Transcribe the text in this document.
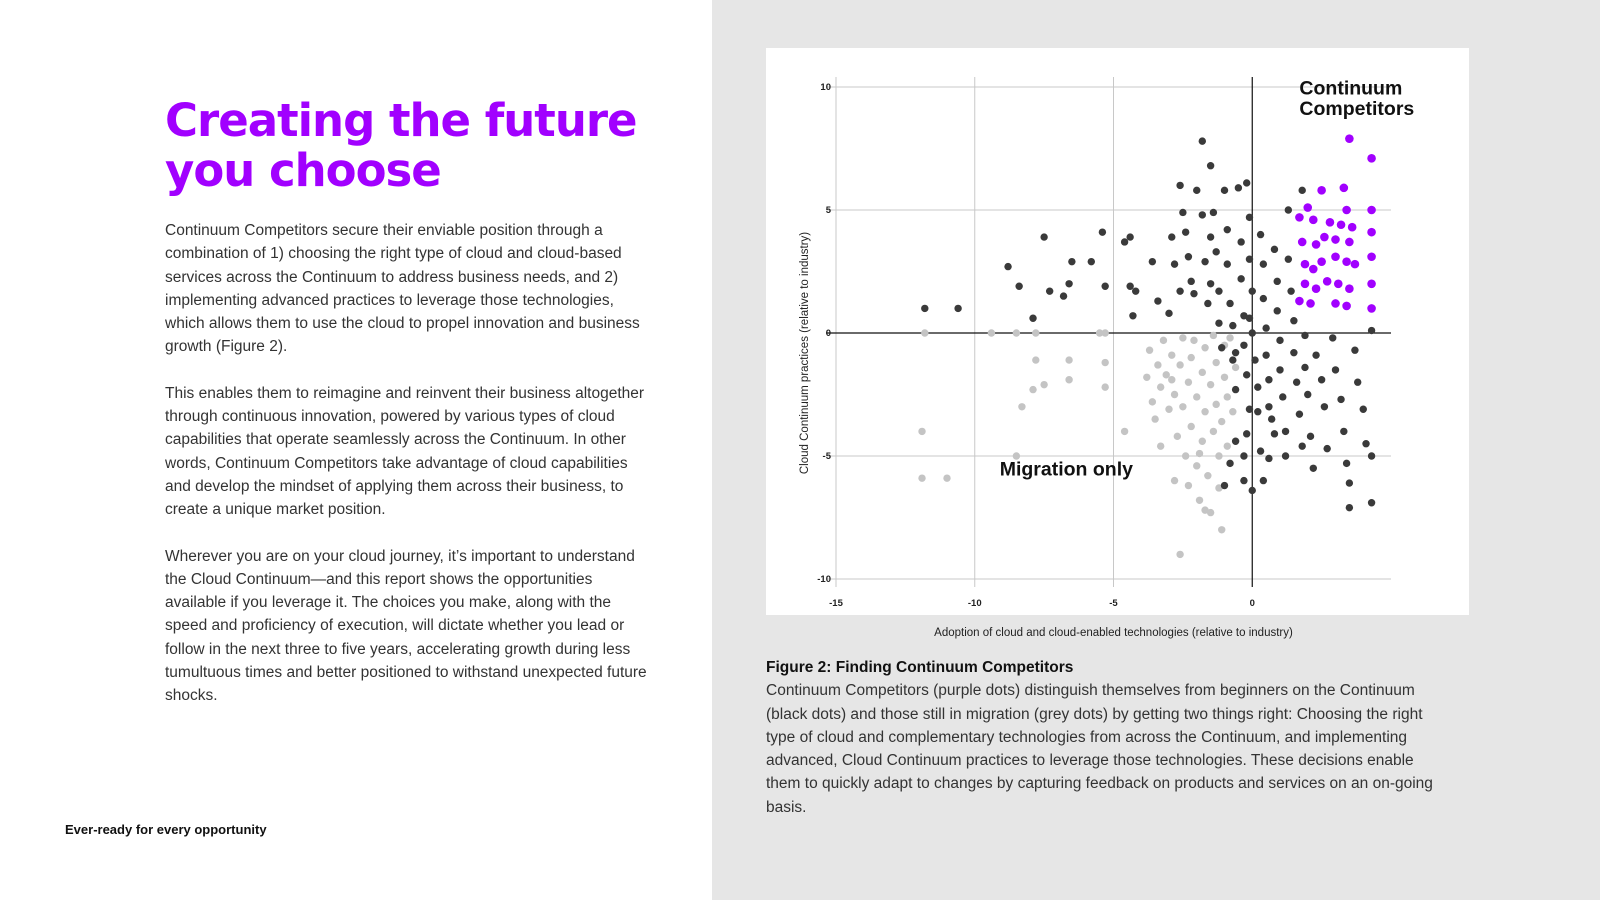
Creating the future you choose

Continuum Competitors secure their enviable position through a combination of 1) choosing the right type of cloud and cloud-based services across the Continuum to address business needs, and 2) implementing advanced practices to leverage those technologies, which allows them to use the cloud to propel innovation and business growth (Figure 2).

This enables them to reimagine and reinvent their business altogether through continuous innovation, powered by various types of cloud capabilities that operate seamlessly across the Continuum. In other words, Continuum Competitors take advantage of cloud capabilities and develop the mindset of applying them across their business, to create a unique market position.

Wherever you are on your cloud journey, it’s important to understand the Cloud Continuum—and this report shows the opportunities available if you leverage it. The choices you make, along with the speed and proficiency of execution, will dictate whether you lead or follow in the next three to five years, accelerating growth during less tumultuous times and better positioned to withstand unexpected future shocks.

Ever-ready for every opportunity
-15	-10	-5	0
10
5
0
-5
-10
Adoption of cloud and cloud-enabled technologies (relative to industry)
Cloud Continuum practices (relative to industry)
Continuum Competitors
Migration only
Figure 2: Finding Continuum Competitors
Continuum Competitors (purple dots) distinguish themselves from beginners on the Continuum (black dots) and those still in migration (grey dots) by getting two things right: Choosing the right type of cloud and complementary technologies from across the Continuum, and implementing advanced, Cloud Continuum practices to leverage those technologies. These decisions enable them to quickly adapt to changes by capturing feedback on products and services on an on-going basis.
